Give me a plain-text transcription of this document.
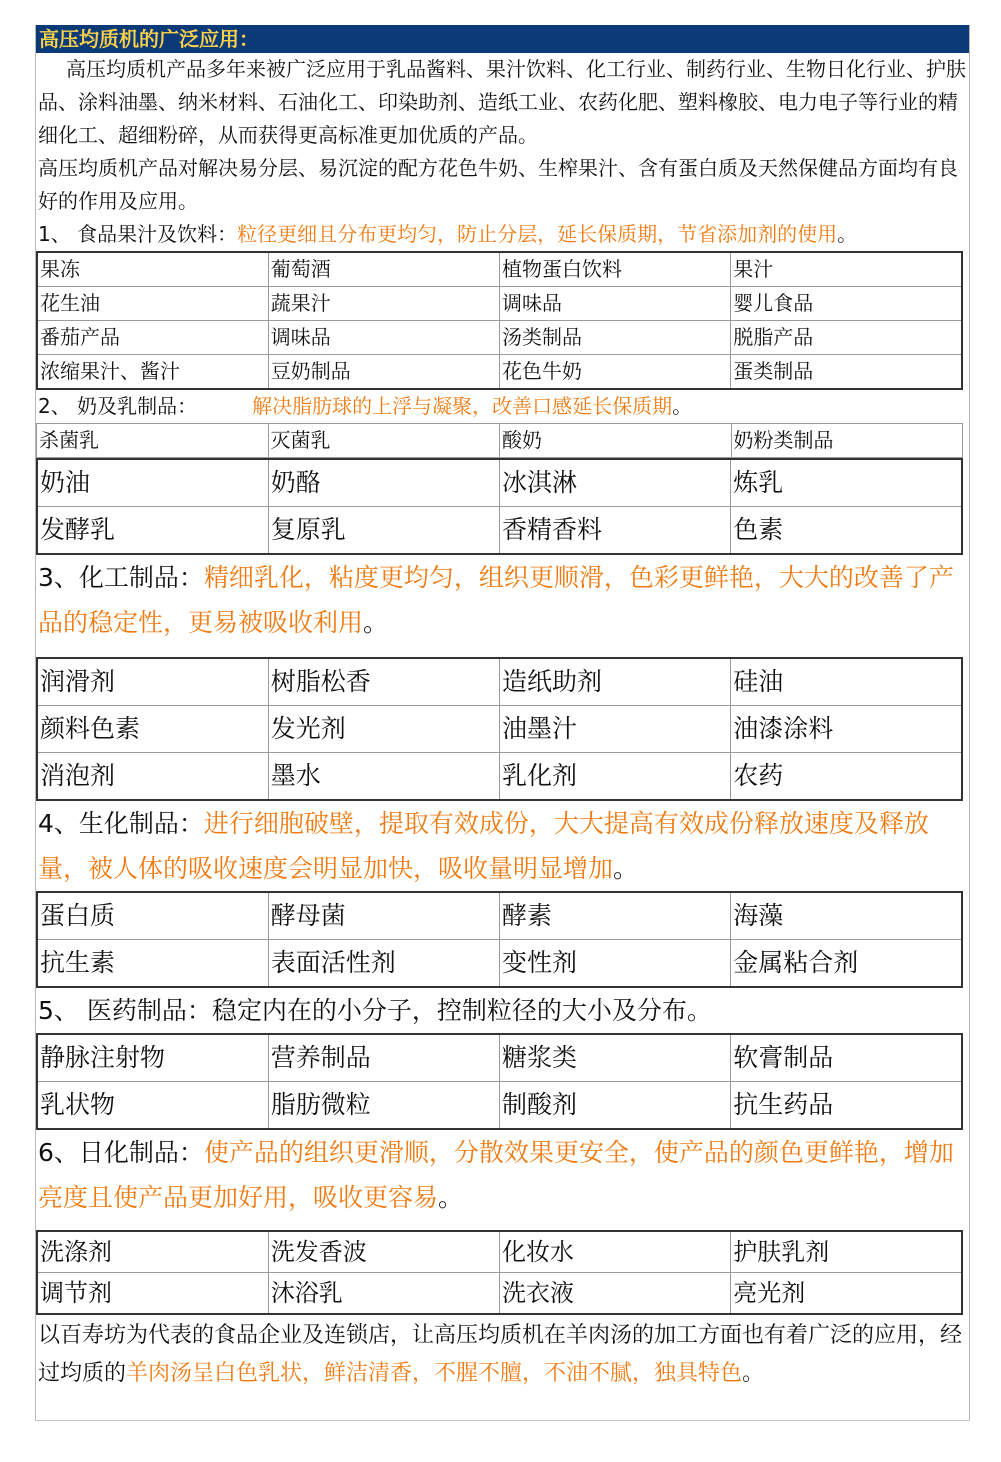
高压均质机的广泛应用：

高压均质机产品多年来被广泛应用于乳品酱料、果汁饮料、化工行业、制药行业、生物日化行业、护肤品、涂料油墨、纳米材料、石油化工、印染助剂、造纸工业、农药化肥、塑料橡胶、电力电子等行业的精细化工、超细粉碎，从而获得更高标准更加优质的产品。

高压均质机产品对解决易分层、易沉淀的配方花色牛奶、生榨果汁、含有蛋白质及天然保健品方面均有良好的作用及应用。

1、 食品果汁及饮料：粒径更细且分布更均匀，防止分层，延长保质期，节省添加剂的使用。
果冻	葡萄酒	植物蛋白饮料	果汁
花生油	蔬果汁	调味品	婴儿食品
番茄产品	调味品	汤类制品	脱脂产品
浓缩果汁、酱汁	豆奶制品	花色牛奶	蛋类制品
2、 奶及乳制品：	解决脂肪球的上浮与凝聚，改善口感延长保质期。
杀菌乳	灭菌乳	酸奶	奶粉类制品
奶油	奶酪	冰淇淋	炼乳
发酵乳	复原乳	香精香料	色素
3、化工制品：精细乳化，粘度更均匀，组织更顺滑，色彩更鲜艳，大大的改善了产品的稳定性，更易被吸收利用。
润滑剂	树脂松香	造纸助剂	硅油
颜料色素	发光剂	油墨汁	油漆涂料
消泡剂	墨水	乳化剂	农药
4、生化制品：进行细胞破壁，提取有效成份，大大提高有效成份释放速度及释放量，被人体的吸收速度会明显加快，吸收量明显增加。
蛋白质	酵母菌	酵素	海藻
抗生素	表面活性剂	变性剂	金属粘合剂
5、 医药制品：稳定内在的小分子，控制粒径的大小及分布。
静脉注射物	营养制品	糖浆类	软膏制品
乳状物	脂肪微粒	制酸剂	抗生药品
6、日化制品：使产品的组织更滑顺，分散效果更安全，使产品的颜色更鲜艳，增加亮度且使产品更加好用，吸收更容易。
洗涤剂	洗发香波	化妆水	护肤乳剂
调节剂	沐浴乳	洗衣液	亮光剂

以百寿坊为代表的食品企业及连锁店，让高压均质机在羊肉汤的加工方面也有着广泛的应用，经过均质的羊肉汤呈白色乳状，鲜洁清香，不腥不膻，不油不腻，独具特色。
